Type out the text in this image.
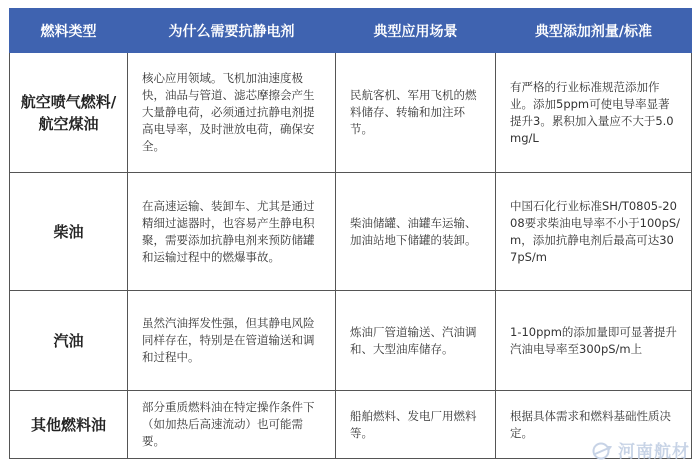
燃料类型	为什么需要抗静电剂	典型应用场景	典型添加剂量/标准

航空喷气燃料/航空煤油	核心应用领域。飞机加油速度极快，油品与管道、滤芯摩擦会产生大量静电荷，必须通过抗静电剂提高电导率，及时泄放电荷，确保安全。	民航客机、军用飞机的燃料储存、转输和加注环节。	有严格的行业标准规范添加作业。添加5ppm可使电导率显著提升3。累积加入量应不大于5.0mg/L

柴油	在高速运输、装卸车、尤其是通过精细过滤器时，也容易产生静电积聚，需要添加抗静电剂来预防储罐和运输过程中的燃爆事故。	柴油储罐、油罐车运输、加油站地下储罐的装卸。	中国石化行业标准SH/T0805-2008要求柴油电导率不小于100pS/m，添加抗静电剂后最高可达307pS/m

汽油	虽然汽油挥发性强，但其静电风险同样存在，特别是在管道输送和调和过程中。	炼油厂管道输送、汽油调和、大型油库储存。	1-10ppm的添加量即可显著提升汽油电导率至300pS/m上

其他燃料油	部分重质燃料油在特定操作条件下（如加热后高速流动）也可能需要。	船舶燃料、发电厂用燃料等。	根据具体需求和燃料基础性质决定。
河南航材
